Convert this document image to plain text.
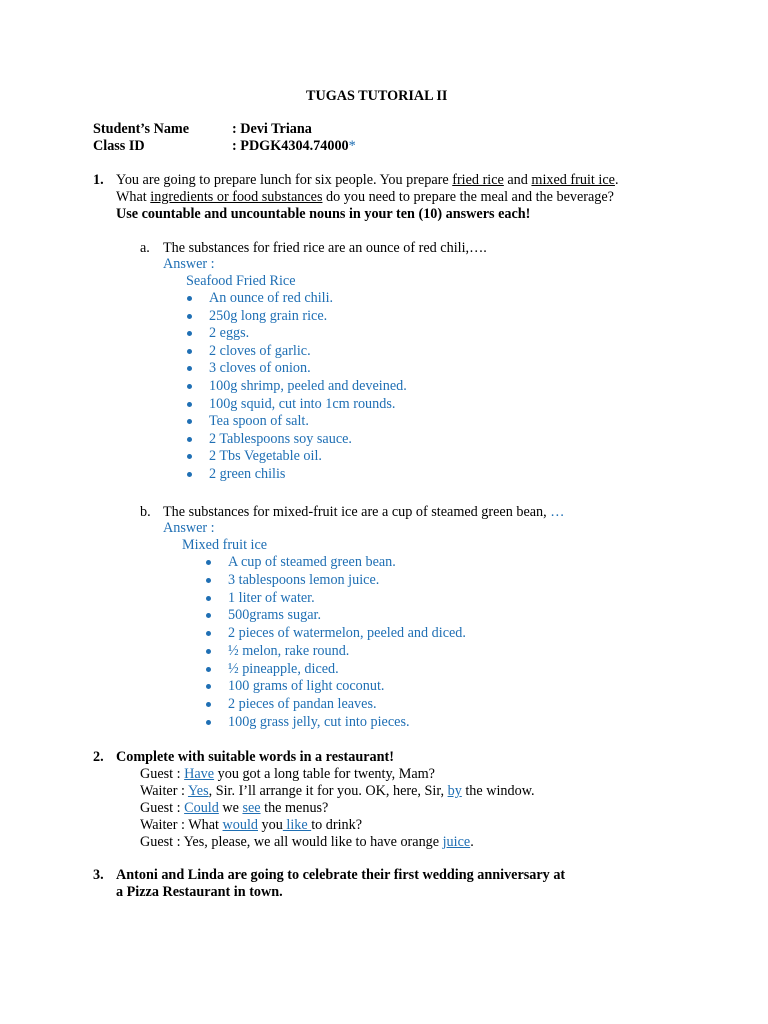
TUGAS TUTORIAL II
Student’s Name	: Devi Triana
Class ID	: PDGK4304.74000*
1. You are going to prepare lunch for six people. You prepare fried rice and mixed fruit ice.
What ingredients or food substances do you need to prepare the meal and the beverage?
Use countable and uncountable nouns in your ten (10) answers each!
a. The substances for fried rice are an ounce of red chili,….
Answer :
Seafood Fried Rice
An ounce of red chili.
250g long grain rice.
2 eggs.
2 cloves of garlic.
3 cloves of onion.
100g shrimp, peeled and deveined.
100g squid, cut into 1cm rounds.
Tea spoon of salt.
2 Tablespoons soy sauce.
2 Tbs Vegetable oil.
2 green chilis
b. The substances for mixed-fruit ice are a cup of steamed green bean, …
Answer :
Mixed fruit ice
A cup of steamed green bean.
3 tablespoons lemon juice.
1 liter of water.
500grams sugar.
2 pieces of watermelon, peeled and diced.
½ melon, rake round.
½ pineapple, diced.
100 grams of light coconut.
2 pieces of pandan leaves.
100g grass jelly, cut into pieces.
2. Complete with suitable words in a restaurant!
Guest : Have you got a long table for twenty, Mam?
Waiter : Yes, Sir. I’ll arrange it for you. OK, here, Sir, by the window.
Guest : Could we see the menus?
Waiter : What would you like to drink?
Guest : Yes, please, we all would like to have orange juice.
3. Antoni and Linda are going to celebrate their first wedding anniversary at
a Pizza Restaurant in town.
